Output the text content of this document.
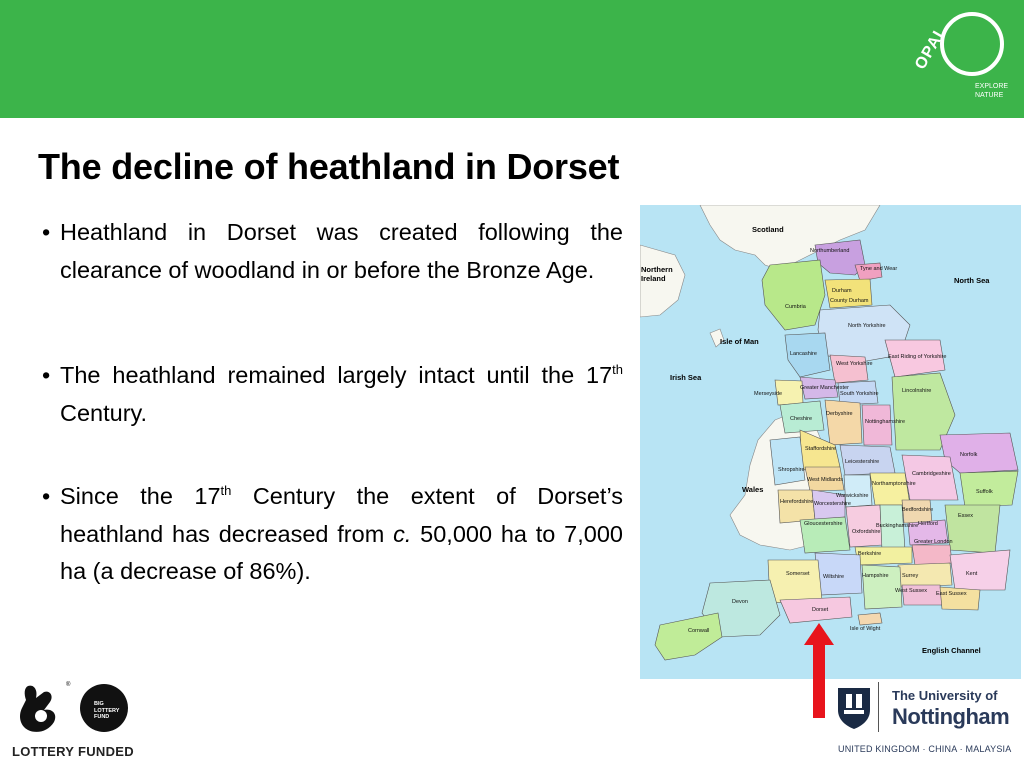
OPAL
EXPLORE
NATURE
The decline of heathland in Dorset

• Heathland in Dorset was created following the clearance of woodland in or before the Bronze Age.

• The heathland remained largely intact until the 17th Century.

• Since the 17th Century the extent of Dorset’s heathland has decreased from c. 50,000 ha to 7,000 ha (a decrease of 86%).

Scotland
Northern
Ireland	North Sea
Isle of Man
Irish Sea
Wales
English Channel
Northumberland
Tyne and Wear
Cumbria
Durham
County Durham
North Yorkshire
Lancashire
West Yorkshire
East Riding of Yorkshire
Greater Manchester
South Yorkshire
Merseyside
Cheshire
Derbyshire
Nottinghamshire
Lincolnshire
Staffordshire
Shropshire
Leicestershire
Norfolk
Suffolk
Cambridgeshire
West Midlands
Warwickshire
Northamptonshire
Herefordshire Worcestershire
Gloucestershire
Oxfordshire
Buckinghamshire
Bedfordshire
Hertford
Essex
Greater London
Berkshire
Kent
Surrey
Wiltshire
Somerset	Hampshire
West Sussex East Sussex
Devon
Dorset
Cornwall	Isle of Wight
®
BIG
LOTTERY
FUND
LOTTERY FUNDED
The University of
Nottingham
UNITED KINGDOM · CHINA · MALAYSIA
